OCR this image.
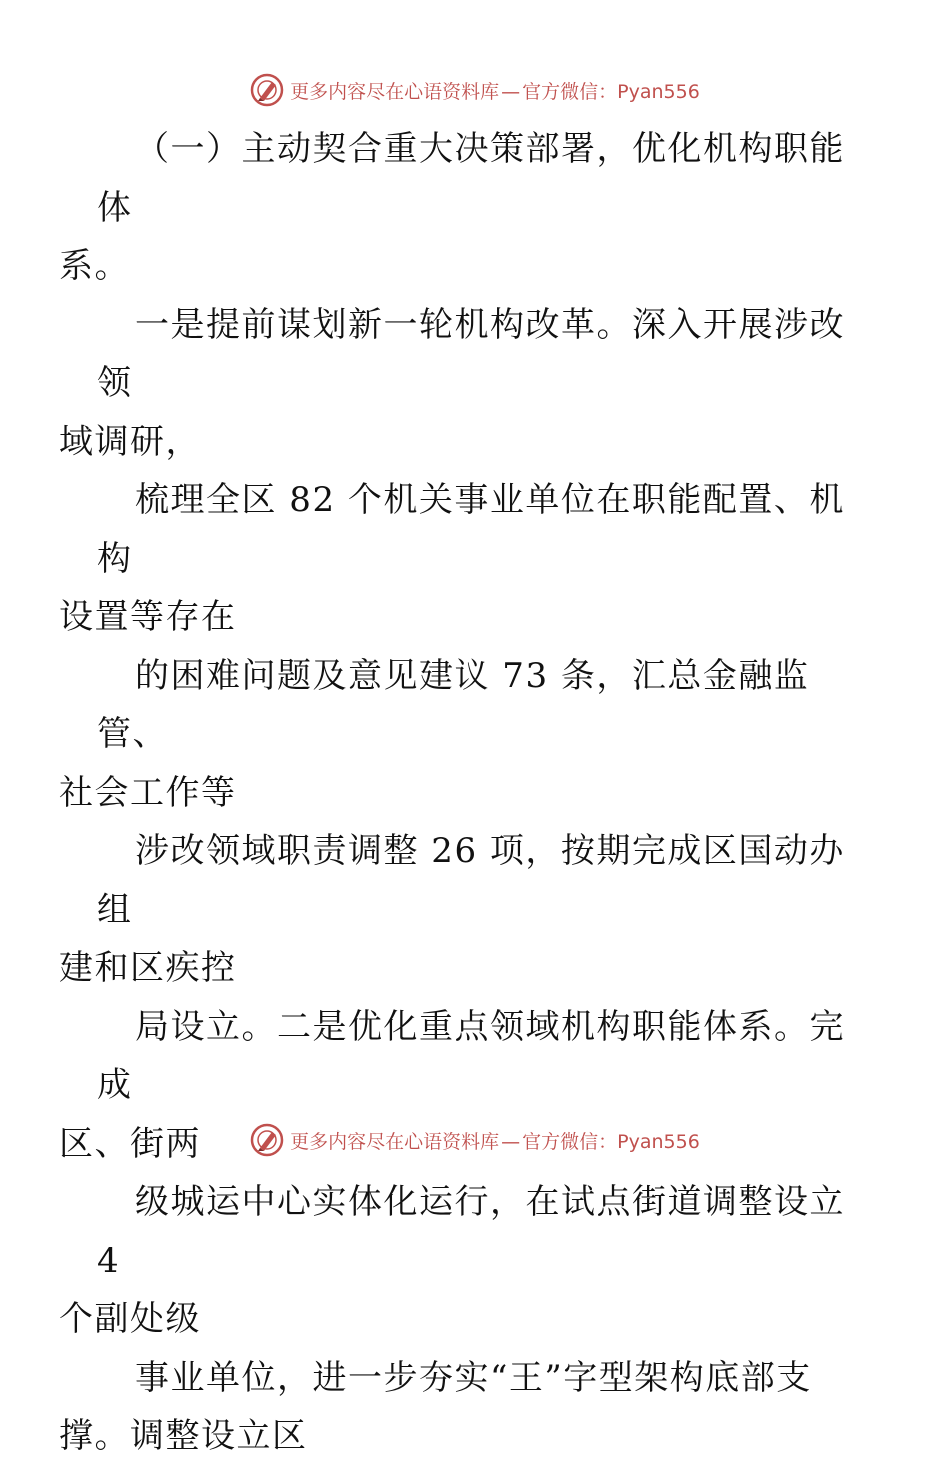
更多内容尽在心语资料库 — 官方微信：Pyan556

（一）主动契合重大决策部署，优化机构职能体
系。

一是提前谋划新一轮机构改革。深入开展涉改领
域调研，

梳理全区 82 个机关事业单位在职能配置、机构
设置等存在

的困难问题及意见建议 73 条，汇总金融监管、
社会工作等

涉改领域职责调整 26 项，按期完成区国动办组
建和区疾控

局设立。二是优化重点领域机构职能体系。完成
区、街两

级城运中心实体化运行，在试点街道调整设立 4
个副处级

事业单位，进一步夯实“王”字型架构底部支
撑。调整设立区

更多内容尽在心语资料库 — 官方微信：Pyan556
